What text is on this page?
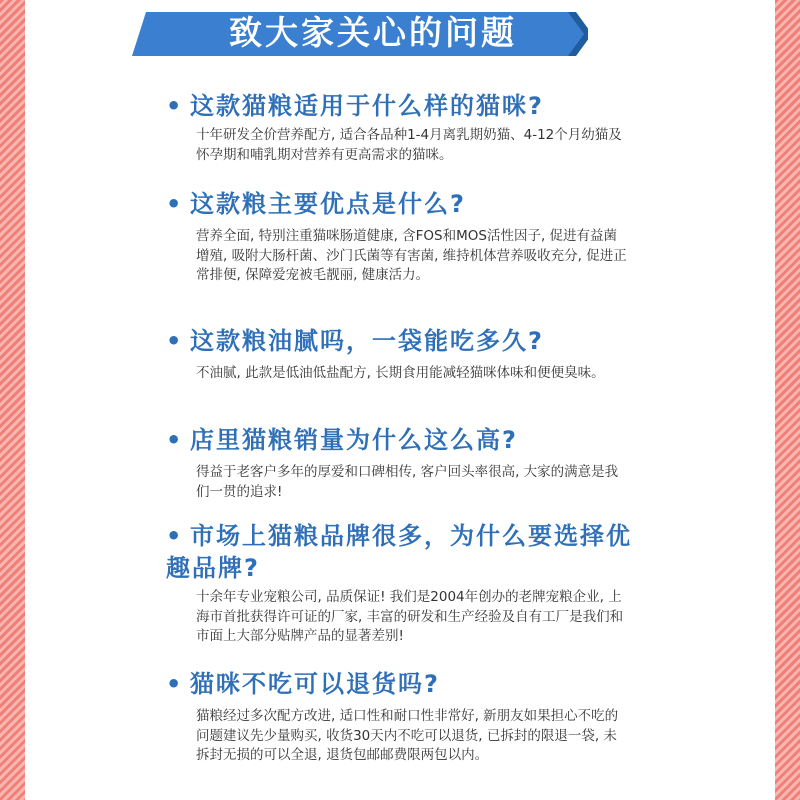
致大家关心的问题
• 这款猫粮适用于什么样的猫咪?
十年研发全价营养配方, 适合各品种1-4月离乳期奶猫、4-12个月幼猫及怀孕期和哺乳期对营养有更高需求的猫咪。
• 这款粮主要优点是什么?
营养全面, 特别注重猫咪肠道健康, 含FOS和MOS活性因子, 促进有益菌增殖, 吸附大肠杆菌、沙门氏菌等有害菌, 维持机体营养吸收充分, 促进正常排便, 保障爱宠被毛靓丽, 健康活力。
• 这款粮油腻吗，一袋能吃多久?
不油腻, 此款是低油低盐配方, 长期食用能减轻猫咪体味和便便臭味。
• 店里猫粮销量为什么这么高?
得益于老客户多年的厚爱和口碑相传, 客户回头率很高, 大家的满意是我们一贯的追求!
• 市场上猫粮品牌很多，为什么要选择优趣品牌?
十余年专业宠粮公司, 品质保证! 我们是2004年创办的老牌宠粮企业, 上海市首批获得许可证的厂家, 丰富的研发和生产经验及自有工厂是我们和市面上大部分贴牌产品的显著差别!
• 猫咪不吃可以退货吗?
猫粮经过多次配方改进, 适口性和耐口性非常好, 新朋友如果担心不吃的问题建议先少量购买, 收货30天内不吃可以退货, 已拆封的限退一袋, 未拆封无损的可以全退, 退货包邮邮费限两包以内。
